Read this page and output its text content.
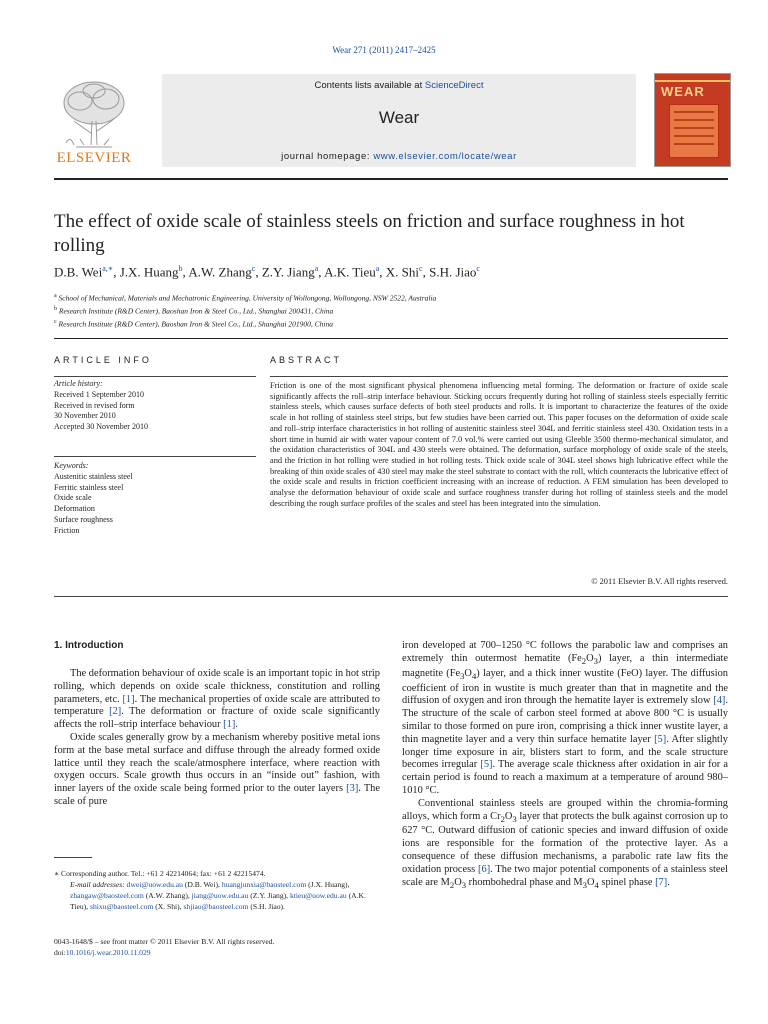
Wear 271 (2011) 2417–2425
Contents lists available at ScienceDirect
Wear
journal homepage: www.elsevier.com/locate/wear
ELSEVIER
WEAR
The effect of oxide scale of stainless steels on friction and surface roughness in hot rolling
D.B. Wei$^{a,∗}$, J.X. Huang$^b$, A.W. Zhang$^c$, Z.Y. Jiang$^a$, A.K. Tieu$^a$, X. Shi$^c$, S.H. Jiao$^c$
$^a$ School of Mechanical, Materials and Mechatronic Engineering, University of Wollongong, Wollongong, NSW 2522, Australia
$^b$ Research Institute (R&D Center), Baoshan Iron & Steel Co., Ltd., Shanghai 200431, China
$^c$ Research Institute (R&D Center), Baoshan Iron & Steel Co., Ltd., Shanghai 201900, China
ARTICLE INFO	ABSTRACT
Article history:
Received 1 September 2010
Received in revised form
30 November 2010
Accepted 30 November 2010
Keywords:
Austenitic stainless steel
Ferritic stainless steel
Oxide scale
Deformation
Surface roughness
Friction
Friction is one of the most significant physical phenomena influencing metal forming. The deformation or fracture of oxide scale significantly affects the roll–strip interface behaviour. Sticking occurs frequently during hot rolling of stainless steels especially ferritic stainless steels, which causes surface defects of both steel products and rolls. It is important to characterize the features of the oxide scale in hot rolling of stainless steel strips, but few studies have been carried out. This paper focuses on the deformation of oxide scale and roll–strip interface characteristics in hot rolling of austenitic stainless steel 304L and ferritic stainless steel 430. Oxidation tests in a short time in humid air with water vapour content of 7.0 vol.% were carried out using Gleeble 3500 thermo-mechanical simulator, and the oxidation characteristics of 304L and 430 steels were obtained. The deformation, surface morphology of oxide scale of the steels, and the friction in hot rolling were studied in hot rolling tests. Thick oxide scale of 304L steel shows high lubricative effect while the breaking of thin oxide scales of 430 steel may make the steel substrate to contact with the roll, which counteracts the lubricative effect of the oxide scale and results in friction coefficient increasing with an increase of reduction. A FEM simulation has been developed to analyse the deformation behaviour of oxide scale and surface roughness transfer during hot rolling of stainless steels and the model describing the rough surface profiles of the scales and steel has been integrated into the simulation.
© 2011 Elsevier B.V. All rights reserved.
1. Introduction

The deformation behaviour of oxide scale is an important topic in hot strip rolling, which depends on oxide scale thickness, constitution and rolling parameters, etc. [1]. The mechanical properties of oxide scale are attributed to temperature [2]. The deformation or fracture of oxide scale significantly affects the roll–strip interface behaviour [1].

Oxide scales generally grow by a mechanism whereby positive metal ions form at the base metal surface and diffuse through the already formed oxide lattice until they reach the scale/atmosphere interface, where reaction with oxygen occurs. Scale growth thus occurs in an “inside out” fashion, with inner layers of the oxide scale being formed prior to the outer layers [3]. The scale of pure

iron developed at 700–1250 °C follows the parabolic law and comprises an extremely thin outermost hematite $(Fe_2O_3)$ layer, a thin intermediate magnetite $(Fe_3O_4)$ layer, and a thick inner wustite (FeO) layer. The diffusion coefficient of iron in wustite is much greater than that in magnetite and the diffusion of oxygen and iron through the hematite layer is extremely slow [4]. The structure of the scale of carbon steel formed at above 800 °C is usually similar to those formed on pure iron, comprising a thick inner wustite layer, a thin magnetite layer and a very thin surface hematite layer [5]. After slightly longer time exposure in air, blisters start to form, and the scale structure becomes irregular [5]. The average scale thickness after oxidation in air for a certain period is found to reach a maximum at a temperature of around 980–1010 °C.

Conventional stainless steels are grouped within the chromia-forming alloys, which form a $Cr_2O_3$ layer that protects the bulk against corrosion up to 627 °C. Outward diffusion of cationic species and inward diffusion of oxide ions are responsible for the formation of the protective layer. As a consequence of these diffusion mechanisms, a parabolic rate law fits the oxidation process [6]. The two major potential components of a stainless steel scale are $M_2O_3$ rhombohedral phase and $M_3O_4$ spinel phase [7].

∗ Corresponding author. Tel.: +61 2 42214064; fax: +61 2 42215474.
E-mail addresses: dwei@uow.edu.au (D.B. Wei), huangjunxia@baosteel.com (J.X. Huang), zhangaw@baosteel.com (A.W. Zhang), jiang@uow.edu.au (Z.Y. Jiang), ktieu@uow.edu.au (A.K. Tieu), shixu@baosteel.com (X. Shi), shjiao@baosteel.com (S.H. Jiao).
0043-1648/$ – see front matter © 2011 Elsevier B.V. All rights reserved.
doi:10.1016/j.wear.2010.11.029
